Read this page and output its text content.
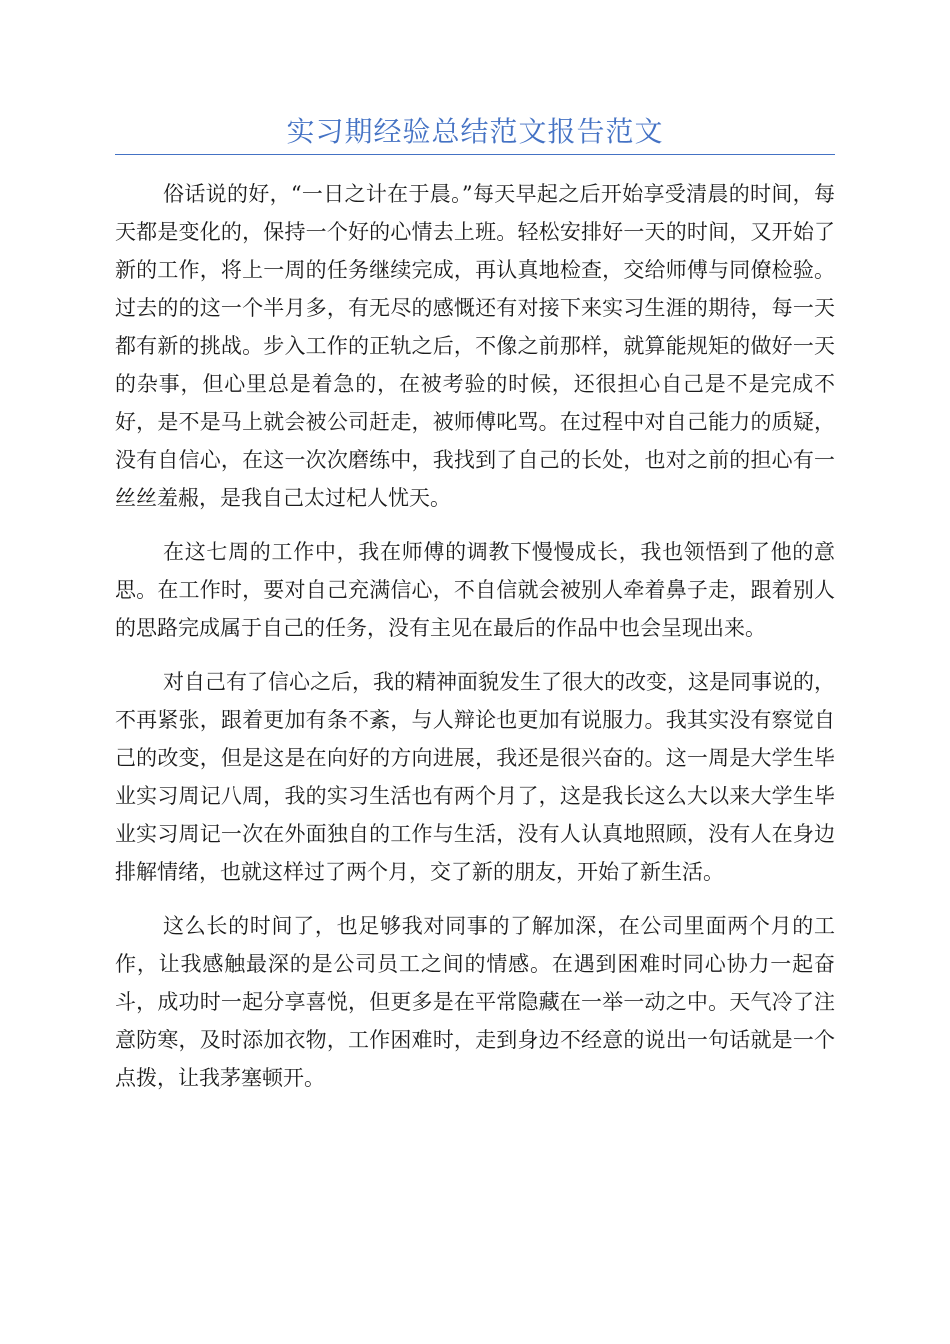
实习期经验总结范文报告范文

俗话说的好，“一日之计在于晨。”每天早起之后开始享受清晨的时间，每天都是变化的，保持一个好的心情去上班。轻松安排好一天的时间，又开始了新的工作，将上一周的任务继续完成，再认真地检查，交给师傅与同僚检验。过去的的这一个半月多，有无尽的感慨还有对接下来实习生涯的期待，每一天都有新的挑战。步入工作的正轨之后，不像之前那样，就算能规矩的做好一天的杂事，但心里总是着急的，在被考验的时候，还很担心自己是不是完成不好，是不是马上就会被公司赶走，被师傅叱骂。在过程中对自己能力的质疑，没有自信心，在这一次次磨练中，我找到了自己的长处，也对之前的担心有一丝丝羞赧，是我自己太过杞人忧天。

在这七周的工作中，我在师傅的调教下慢慢成长，我也领悟到了他的意思。在工作时，要对自己充满信心，不自信就会被别人牵着鼻子走，跟着别人的思路完成属于自己的任务，没有主见在最后的作品中也会呈现出来。

对自己有了信心之后，我的精神面貌发生了很大的改变，这是同事说的，不再紧张，跟着更加有条不紊，与人辩论也更加有说服力。我其实没有察觉自己的改变，但是这是在向好的方向进展，我还是很兴奋的。这一周是大学生毕业实习周记八周，我的实习生活也有两个月了，这是我长这么大以来大学生毕业实习周记一次在外面独自的工作与生活，没有人认真地照顾，没有人在身边排解情绪，也就这样过了两个月，交了新的朋友，开始了新生活。

这么长的时间了，也足够我对同事的了解加深，在公司里面两个月的工作，让我感触最深的是公司员工之间的情感。在遇到困难时同心协力一起奋斗，成功时一起分享喜悦，但更多是在平常隐藏在一举一动之中。天气冷了注意防寒，及时添加衣物，工作困难时，走到身边不经意的说出一句话就是一个点拨，让我茅塞顿开。
